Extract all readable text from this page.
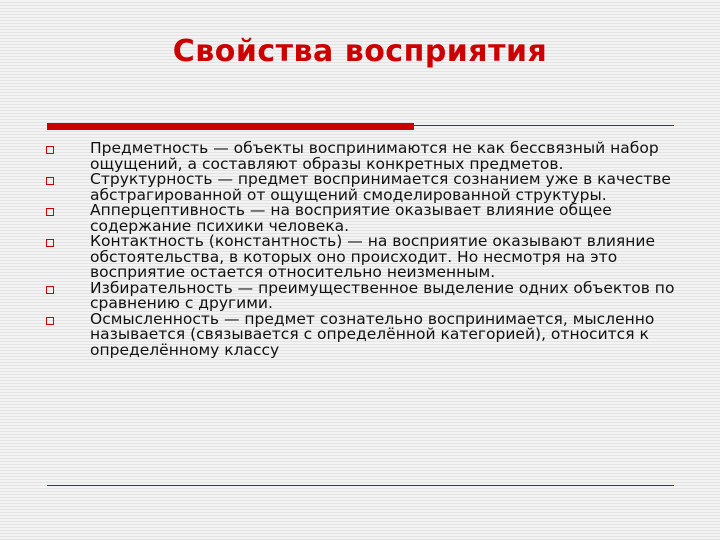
Свойства восприятия
Предметность — объекты воспринимаются не как бессвязный набор ощущений, а составляют образы конкретных предметов.
Структурность — предмет воспринимается сознанием уже в качестве абстрагированной от ощущений смоделированной структуры.
Апперцептивность — на восприятие оказывает влияние общее содержание психики человека.
Контактность (константность) — на восприятие оказывают влияние обстоятельства, в которых оно происходит. Но несмотря на это восприятие остается относительно неизменным.
Избирательность — преимущественное выделение одних объектов по сравнению с другими.
Осмысленность — предмет сознательно воспринимается, мысленно называется (связывается с определённой категорией), относится к определённому классу
